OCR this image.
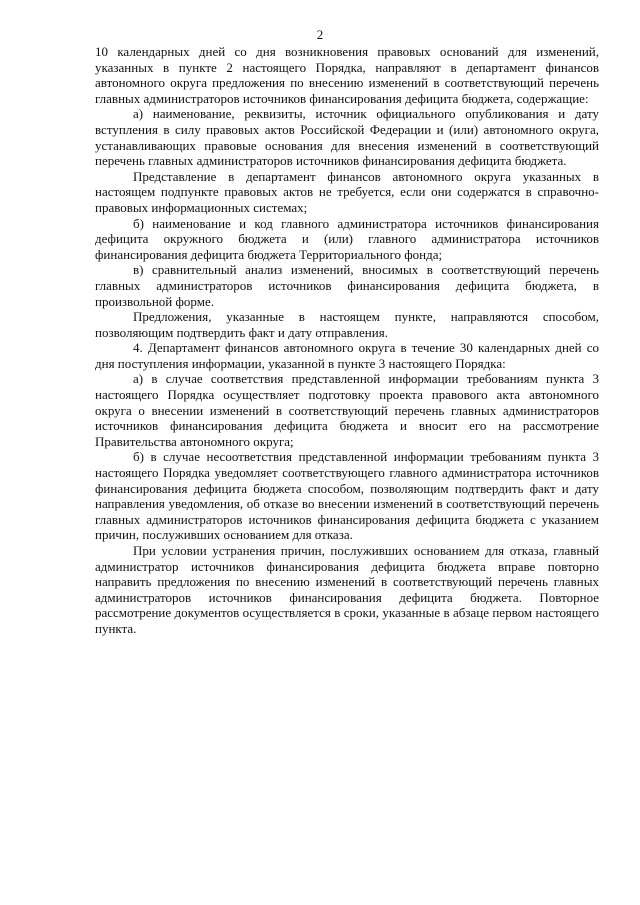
2

10 календарных дней со дня возникновения правовых оснований для изменений, указанных в пункте 2 настоящего Порядка, направляют в департамент финансов автономного округа предложения по внесению изменений в соответствующий перечень главных администраторов источников финансирования дефицита бюджета, содержащие:

а) наименование, реквизиты, источник официального опубликования и дату вступления в силу правовых актов Российской Федерации и (или) автономного округа, устанавливающих правовые основания для внесения изменений в соответствующий перечень главных администраторов источников финансирования дефицита бюджета.

Представление в департамент финансов автономного округа указанных в настоящем подпункте правовых актов не требуется, если они содержатся в справочно-правовых информационных системах;

б) наименование и код главного администратора источников финансирования дефицита окружного бюджета и (или) главного администратора источников финансирования дефицита бюджета Территориального фонда;

в) сравнительный анализ изменений, вносимых в соответствующий перечень главных администраторов источников финансирования дефицита бюджета, в произвольной форме.

Предложения, указанные в настоящем пункте, направляются способом, позволяющим подтвердить факт и дату отправления.

4. Департамент финансов автономного округа в течение 30 календарных дней со дня поступления информации, указанной в пункте 3 настоящего Порядка:

а) в случае соответствия представленной информации требованиям пункта 3 настоящего Порядка осуществляет подготовку проекта правового акта автономного округа о внесении изменений в соответствующий перечень главных администраторов источников финансирования дефицита бюджета и вносит его на рассмотрение Правительства автономного округа;

б) в случае несоответствия представленной информации требованиям пункта 3 настоящего Порядка уведомляет соответствующего главного администратора источников финансирования дефицита бюджета способом, позволяющим подтвердить факт и дату направления уведомления, об отказе во внесении изменений в соответствующий перечень главных администраторов источников финансирования дефицита бюджета с указанием причин, послуживших основанием для отказа.

При условии устранения причин, послуживших основанием для отказа, главный администратор источников финансирования дефицита бюджета вправе повторно направить предложения по внесению изменений в соответствующий перечень главных администраторов источников финансирования дефицита бюджета. Повторное рассмотрение документов осуществляется в сроки, указанные в абзаце первом настоящего пункта.
